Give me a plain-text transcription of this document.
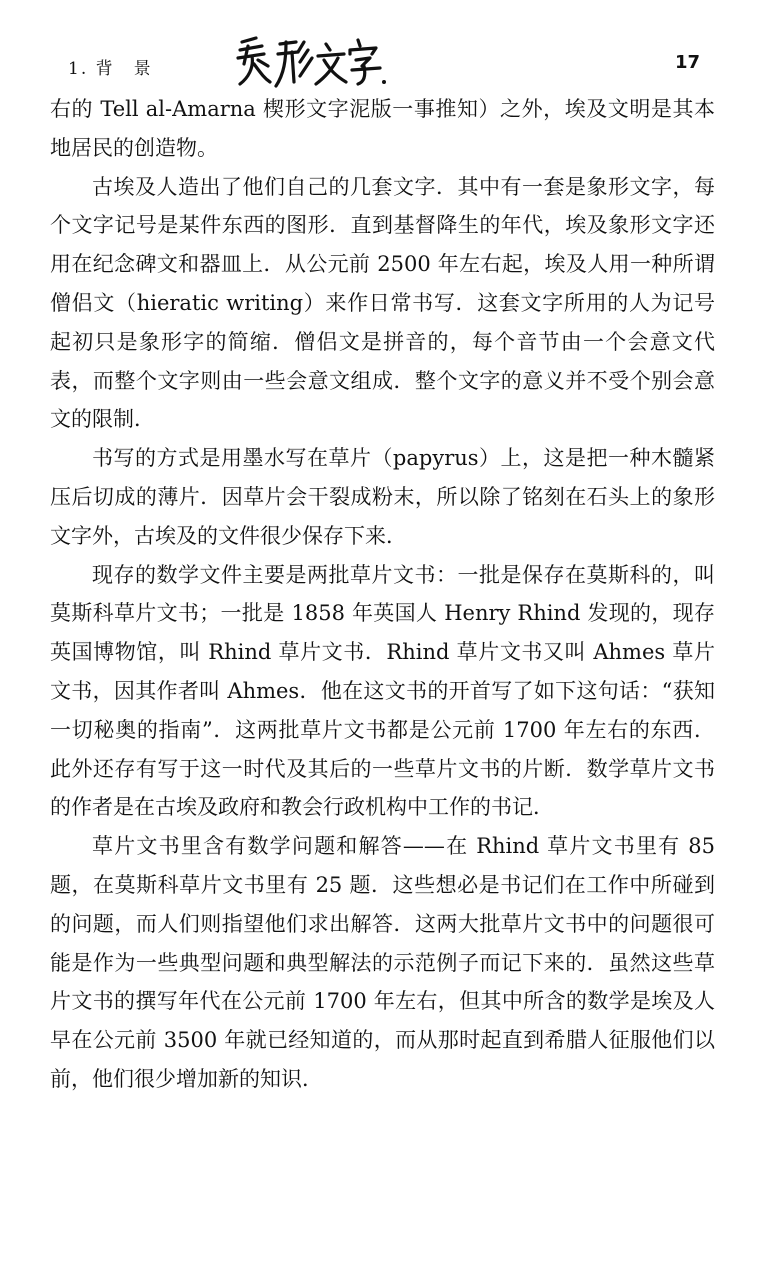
1. 背　景	17

右的 Tell al-Amarna 楔形文字泥版一事推知）之外，埃及文明是其本地居民的创造物。

古埃及人造出了他们自己的几套文字．其中有一套是象形文字，每个文字记号是某件东西的图形．直到基督降生的年代，埃及象形文字还用在纪念碑文和器皿上．从公元前 2500 年左右起，埃及人用一种所谓僧侣文（hieratic writing）来作日常书写．这套文字所用的人为记号起初只是象形字的简缩．僧侣文是拼音的，每个音节由一个会意文代表，而整个文字则由一些会意文组成．整个文字的意义并不受个别会意文的限制．

书写的方式是用墨水写在草片（papyrus）上，这是把一种木髓紧压后切成的薄片．因草片会干裂成粉末，所以除了铭刻在石头上的象形文字外，古埃及的文件很少保存下来．

现存的数学文件主要是两批草片文书：一批是保存在莫斯科的，叫莫斯科草片文书；一批是 1858 年英国人 Henry Rhind 发现的，现存英国博物馆，叫 Rhind 草片文书．Rhind 草片文书又叫 Ahmes 草片文书，因其作者叫 Ahmes．他在这文书的开首写了如下这句话：“获知一切秘奥的指南”．这两批草片文书都是公元前 1700 年左右的东西．此外还存有写于这一时代及其后的一些草片文书的片断．数学草片文书的作者是在古埃及政府和教会行政机构中工作的书记．

草片文书里含有数学问题和解答——在 Rhind 草片文书里有 85 题，在莫斯科草片文书里有 25 题．这些想必是书记们在工作中所碰到的问题，而人们则指望他们求出解答．这两大批草片文书中的问题很可能是作为一些典型问题和典型解法的示范例子而记下来的．虽然这些草片文书的撰写年代在公元前 1700 年左右，但其中所含的数学是埃及人早在公元前 3500 年就已经知道的，而从那时起直到希腊人征服他们以前，他们很少增加新的知识．
